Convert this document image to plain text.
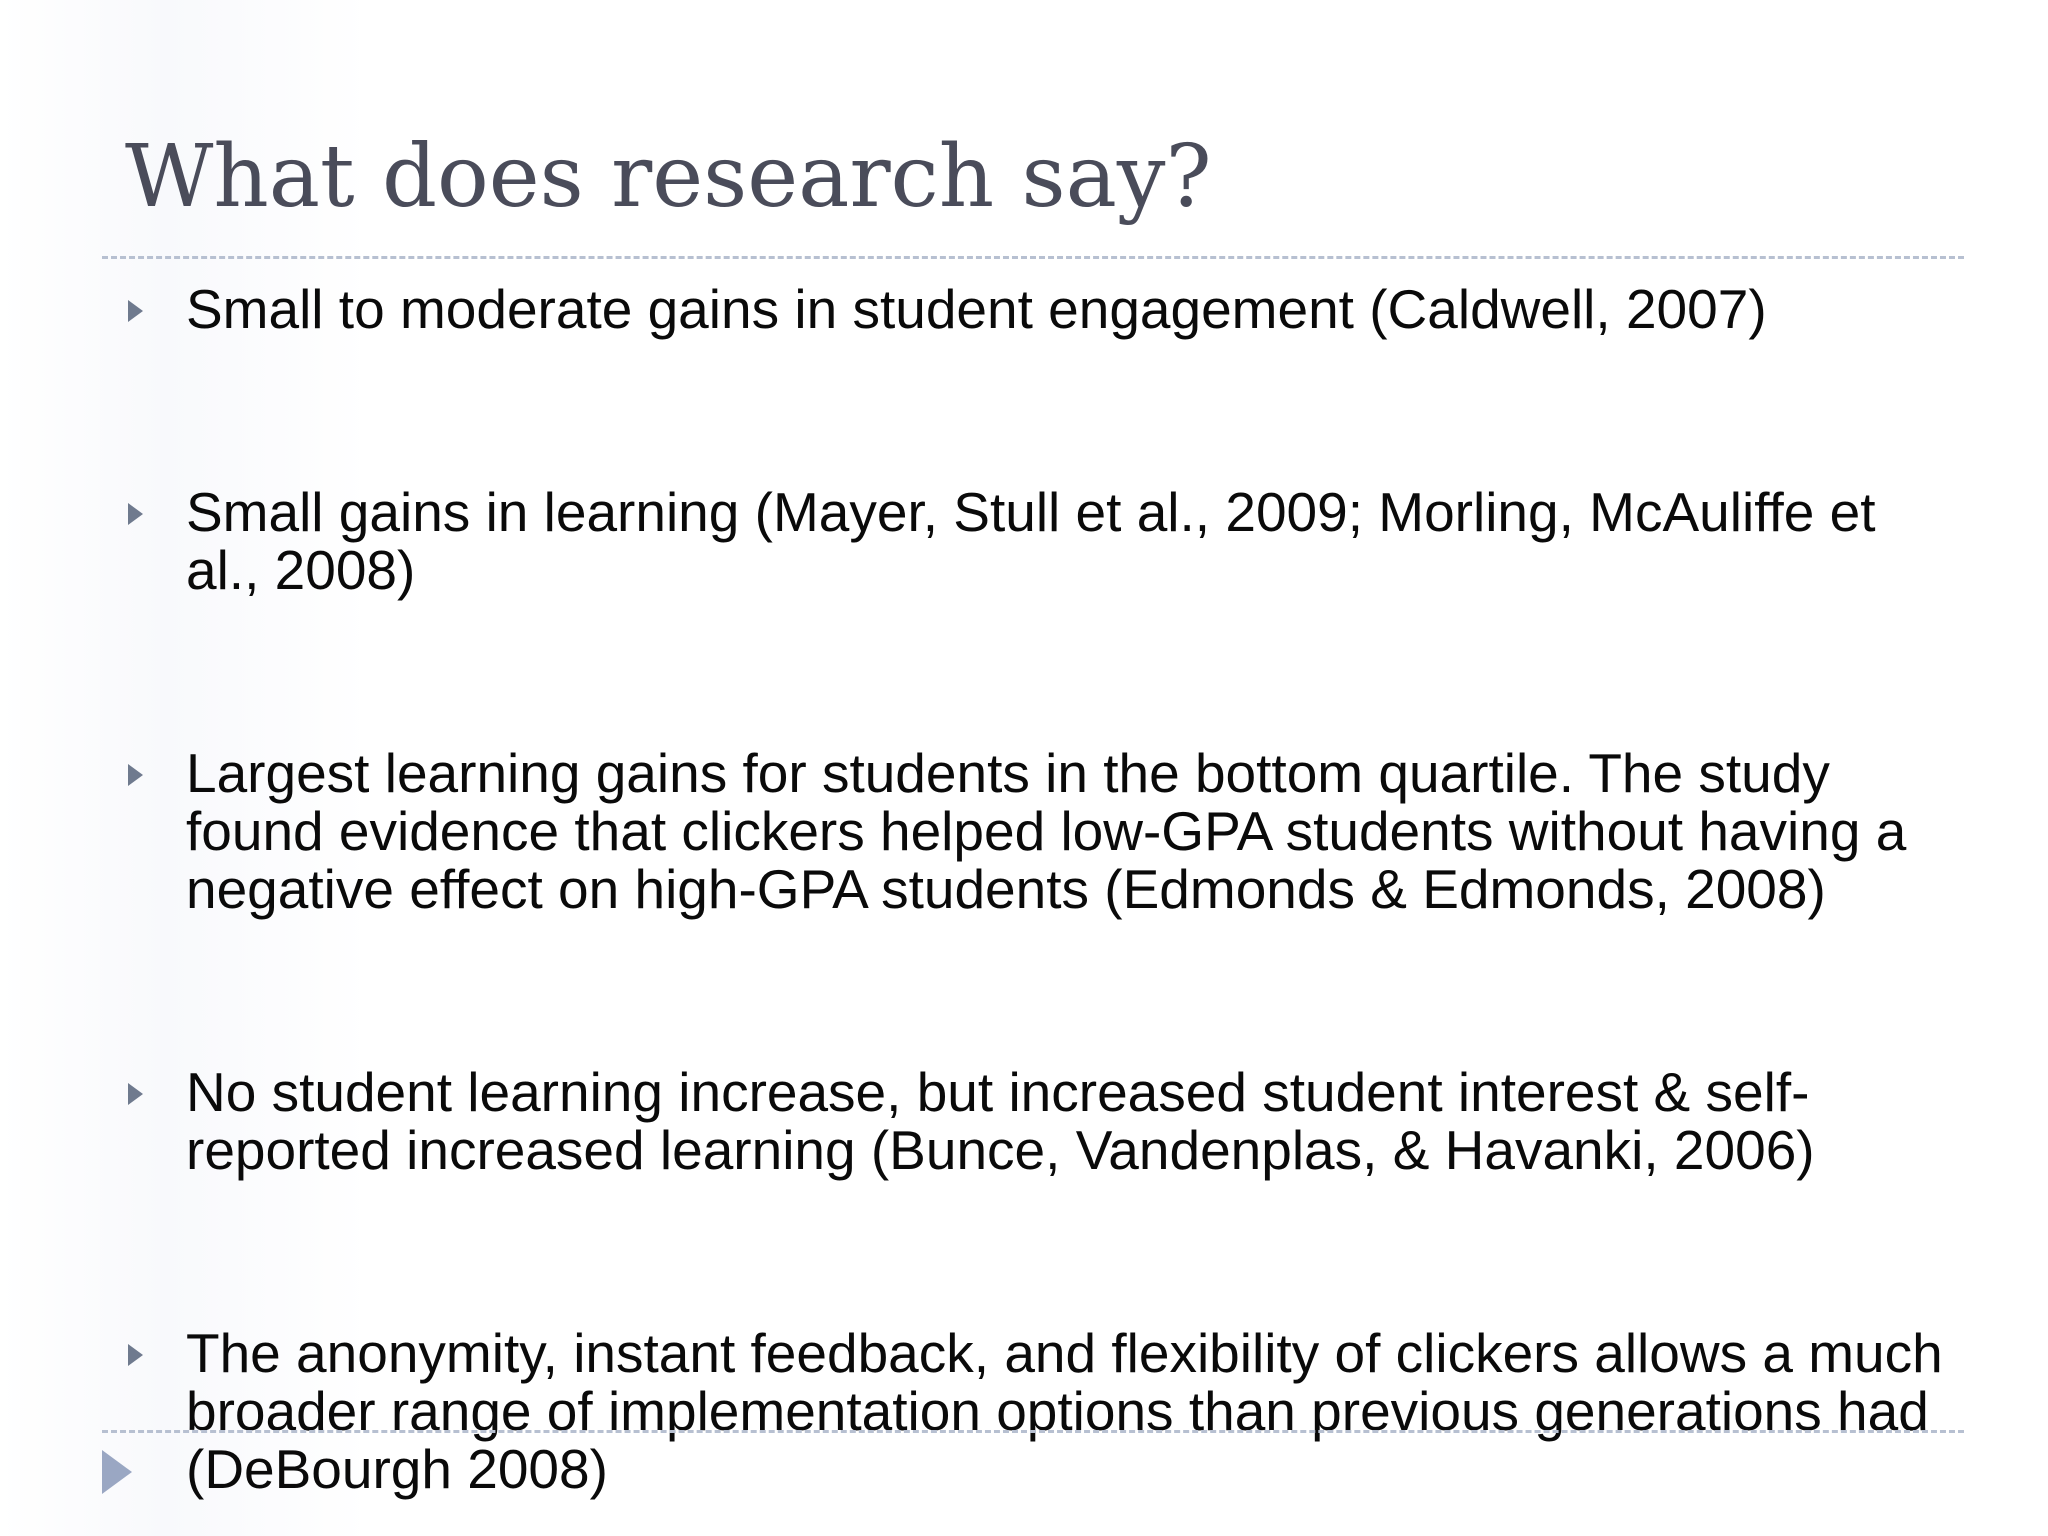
What does research say?
Small to moderate gains in student engagement (Caldwell, 2007)
Small gains in learning (Mayer, Stull et al., 2009; Morling, McAuliffe et al., 2008)
Largest learning gains for students in the bottom quartile. The study found evidence that clickers helped low-GPA students without having a negative effect on high-GPA students (Edmonds & Edmonds, 2008)
No student learning increase, but increased student interest & self-reported increased learning (Bunce, Vandenplas, & Havanki, 2006)
The anonymity, instant feedback, and flexibility of clickers allows a much broader range of implementation options than previous generations had (DeBourgh 2008)
